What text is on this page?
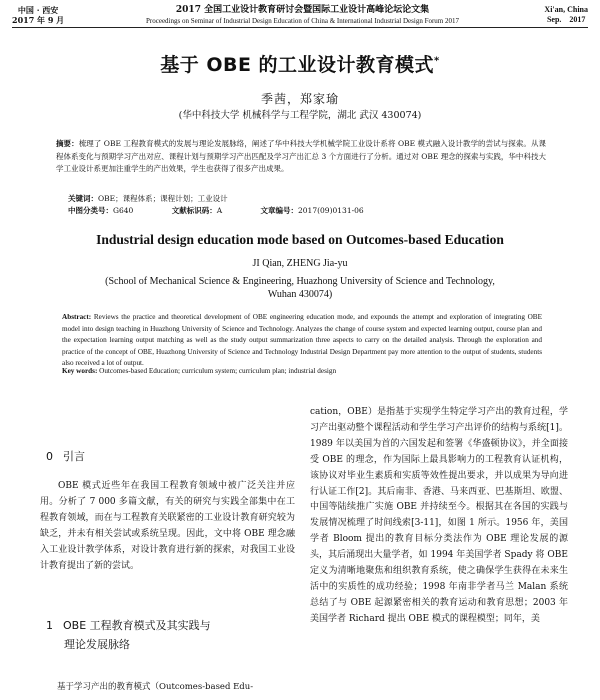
中国 · 西安
2017 年 9 月
2017 全国工业设计教育研讨会暨国际工业设计高峰论坛论文集
Proceedings on Seminar of Industrial Design Education of China & International Industrial Design Forum 2017
Xi'an, China
Sep.    2017
基于 OBE 的工业设计教育模式*
季茜，郑家瑜
(华中科技大学 机械科学与工程学院，湖北 武汉 430074)
摘要：梳理了 OBE 工程教育模式的发展与理论发展脉络，阐述了华中科技大学机械学院工业设计系将 OBE 模式融入设计教学的尝试与探索。从课程体系变化与预期学习产出对应、课程计划与预期学习产出匹配及学习产出汇总 3 个方面进行了分析。通过对 OBE 理念的探索与实践，华中科技大学工业设计系更加注重学生的产出效果，学生也获得了很多产出成果。
关键词：OBE；课程体系；课程计划；工业设计
中图分类号：G640	文献标识码：A	文章编号：2017(09)0131-06
Industrial design education mode based on Outcomes-based Education
JI Qian, ZHENG Jia-yu
(School of Mechanical Science & Engineering, Huazhong University of Science and Technology, Wuhan 430074)
Abstract: Reviews the practice and theoretical development of OBE engineering education mode, and expounds the attempt and exploration of integrating OBE model into design teaching in Huazhong University of Science and Technology. Analyzes the change of course system and expected learning output, course plan and the expectation learning output matching as well as the study output summarization three aspects to carry on the detailed analysis. Through the exploration and practice of the concept of OBE, Huazhong University of Science and Technology Industrial Design Department pay more attention to the output of students, students also received a lot of output.
Key words: Outcomes-based Education; curriculum system; curriculum plan; industrial design
0 引言
OBE 模式近些年在我国工程教育领域中被广泛关注并应用。分析了 7 000 多篇文献，有关的研究与实践全部集中在工程教育领域，而在与工程教育关联紧密的工业设计教育研究较为缺乏，并未有相关尝试或系统呈现。因此，文中将 OBE 理念融入工业设计教学体系，对设计教育进行新的探索，对我国工业设计教育提出了新的尝试。
1 OBE 工程教育模式及其实践与
理论发展脉络
基于学习产出的教育模式（Outcomes-based Edu-
cation，OBE）是指基于实现学生特定学习产出的教育过程，学习产出驱动整个课程活动和学生学习产出评价的结构与系统[1]。1989 年以美国为首的六国发起和签署《华盛顿协议》，并全面接受 OBE 的理念，作为国际上最具影响力的工程教育认证机构，该协议对毕业生素质和实质等效性提出要求，并以成果为导向进行认证工作[2]。其后南非、香港、马来西亚、巴基斯坦、欧盟、中国等陆续推广实施 OBE 并持续至今。根据其在各国的实践与发展情况梳理了时间线索[3-11]，如图 1 所示。1956 年，美国学者 Bloom 提出的教育目标分类法作为 OBE 理论发展的源头，其后涌现出大量学者，如 1994 年美国学者 Spady 将 OBE 定义为清晰地聚焦和组织教育系统，使之确保学生获得在未来生活中的实质性的成功经验；1998 年南非学者马兰 Malan 系统总结了与 OBE 起源紧密相关的教育运动和教育思想；2003 年美国学者 Richard 提出 OBE 模式的课程模型；同年，美
